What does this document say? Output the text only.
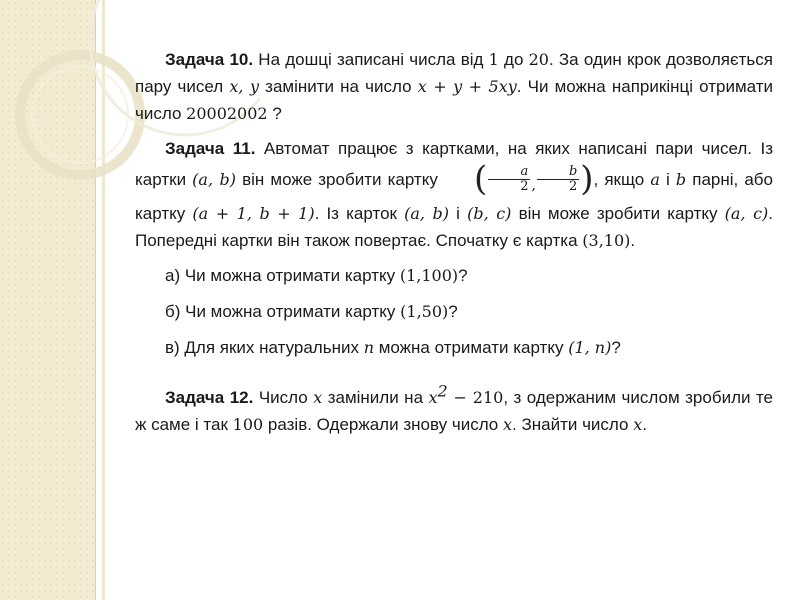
Задача 10. На дошці записані числа від 1 до 20. За один крок дозволяється пару чисел x, y замінити на число x + y + 5xy. Чи можна наприкінці отримати число 20002002 ?

Задача 11. Автомат працює з картками, на яких написані пари чисел. Із картки (a, b) він може зробити картку ( $\frac{a}{2} _, \frac{b}{2}$ ), якщо a і b парні, або картку (a + 1, b + 1). Із карток (a, b) і (b, c) він може зробити картку (a, c). Попередні картки він також повертає. Спочатку є картка (3,10).

а) Чи можна отримати картку (1,100)?

б) Чи можна отримати картку (1,50)?

в) Для яких натуральних n можна отримати картку (1, n)?

Задача 12. Число x замінили на $x^2 - 210$, з одержаним числом зробили те ж саме і так 100 разів. Одержали знову число x. Знайти число x.
